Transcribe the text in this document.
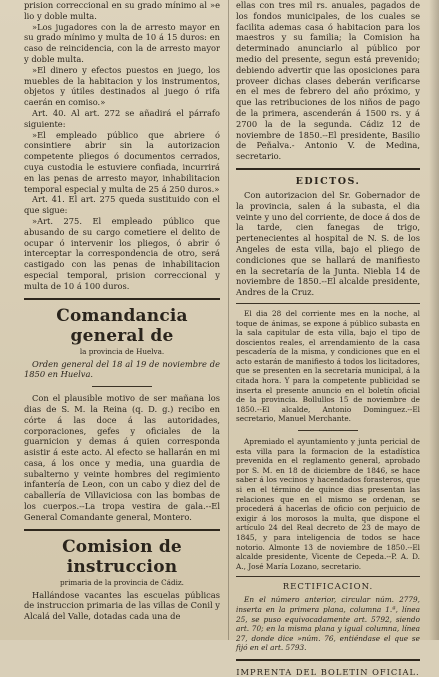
prision correccional en su grado mínimo al »e lio y doble multa.

»Los jugadores con la de arresto mayor en su grado mínimo y multa de 10 á 15 duros: en caso de reincidencia, con la de arresto mayor y doble multa.

»El dinero y efectos puestos en juego, los muebles de la habitacion y los instrumentos, objetos y útiles destinados al juego ó rifa caerán en comiso.»

Art. 40. Al art. 272 se añadirá el párrafo siguiente:

»El empleado público que abriere ó consintiere abrir sin la autorizacion competente pliegos ó documentos cerrados, cuya custodia le estuviere confiada, incurrirá en las penas de arresto mayor, inhabilitacion temporal especial y multa de 25 á 250 duros.»

Art. 41. El art. 275 queda sustituido con el que sigue:

»Art. 275. El empleado público que abusando de su cargo cometiere el delito de ocupar ó intervenir los pliegos, ó abrir ó interceptar la correspondencia de otro, será castigado con las penas de inhabilitacion especial temporal, prision correccional y multa de 10 á 100 duros.

Comandancia general de
la provincia de Huelva.

Orden general del 18 al 19 de noviembre de 1850 en Huelva.

Con el plausible motivo de ser mañana los dias de S. M. la Reina (q. D. g.) recibo en córte á las doce á las autoridades, corporaciones, gefes y oficiales de la guarnicion y demas á quien corresponda asistir á este acto. Al efecto se hallarán en mi casa, á los once y media, una guardia de subalterno y veinte hombres del regimiento infantería de Leon, con un cabo y diez del de caballería de Villaviciosa con las bombas de los cuerpos.--La tropa vestira de gala.--El General Comandante general, Montero.

Comision de instruccion
primaria de la provincia de Cádiz.

Hallándose vacantes las escuelas públicas de instruccion primaria de las villas de Conil y Alcalá del Valle, dotadas cada una de

ellas con tres mil rs. anuales, pagados de los fondos municipales, de los cuales se facilita ademas casa ó habitacion para los maestros y su familia; la Comision ha determinado anunciarlo al público por medio del presente, segun está prevenido; debiendo advertir que las oposiciones para proveer dichas clases deberán verificarse en el mes de febrero del año próximo, y que las retribuciones de los niños de pago de la primera, ascenderán á 1500 rs. y á 2700 la de la segunda. Cádiz 12 de noviembre de 1850.--El presidente, Basilio de Peñalva.- Antonio V. de Medina, secretario.

EDICTOS.

Con autorizacion del Sr. Gobernador de la provincia, salen á la subasta, el dia veinte y uno del corriente, de doce á dos de la tarde, cien fanegas de trigo, pertenecientes al hospital de N. S. de los Angeles de esta villa, bajo el pliego de condiciones que se hallará de manifiesto en la secretaría de la Junta. Niebla 14 de noviembre de 1850.--El alcalde presidente, Andres de la Cruz.

El dia 28 del corriente mes en la noche, al toque de ánimas, se expone á público subasta en la sala capitular de esta villa, bajo el tipo de doscientos reales, el arrendamiento de la casa pescadería de la misma, y condiciones que en el acto estarán de manifiesto á todos los licitadores, que se presenten en la secretaría municipal, á la citada hora. Y para la competente publicidad se inserta el presente anuncio en el boletín oficial de la provincia. Bollullos 15 de noviembre de 1850.--El alcalde, Antonio Dominguez.--El secretario, Manuel Merchante.

Apremiado el ayuntamiento y junta pericial de esta villa para la formacion de la estadística prevenida en el reglamento general, aprobado por S. M. en 18 de diciembre de 1846, se hace saber á los vecinos y hacendados forasteros, que si en el término de quince dias presentan las relaciones que en el mismo se ordenan, se procederá á hacerlas de oficio con perjuicio de exigir á los morosos la multa, que dispone el artículo 24 del Real decreto de 23 de mayo de 1845, y para inteligencia de todos se hace notorio. Almonte 13 de noviembre de 1850.--El alcalde presidente, Vicente de Cepeda.--P. A. D. A., José María Lozano, secretario.

RECTIFICACION.

En el número anterior, circular núm. 2779, inserta en la primera plana, columna 1.ª, línea 25, se puso equivocadamente art. 5792, siendo art. 70; en la misma plana y igual columna, línea 27, donde dice »núm. 76, entiéndase el que se fijó en el art. 5793.

IMPRENTA DEL BOLETIN OFICIAL.
